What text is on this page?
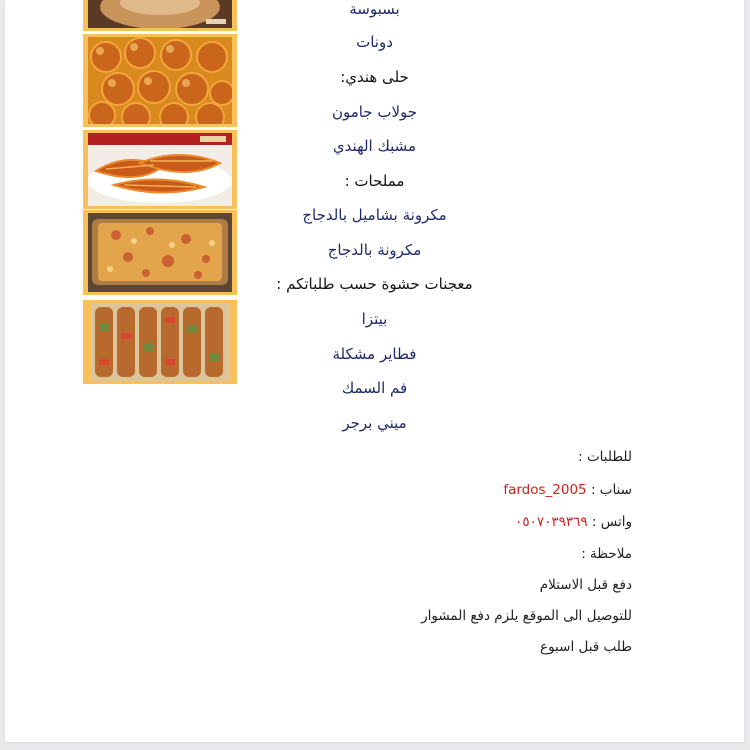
بسبوسة
دونات
حلى هندي:
جولاب جامون
مشبك الهندي
مملحات :
مكرونة بشاميل بالدجاج
مكرونة بالدجاج
معجنات حشوة حسب طلباتكم :
بيتزا
فطاير مشكلة
فم السمك
ميني برجر
للطلبات :
سناب : fardos_2005
واتس : ٠٥٠٧٠٣٩٣٦٩
ملاحظة :
دفع قبل الاستلام
للتوصيل الى الموقع يلزم دفع المشوار
طلب قبل اسبوع
